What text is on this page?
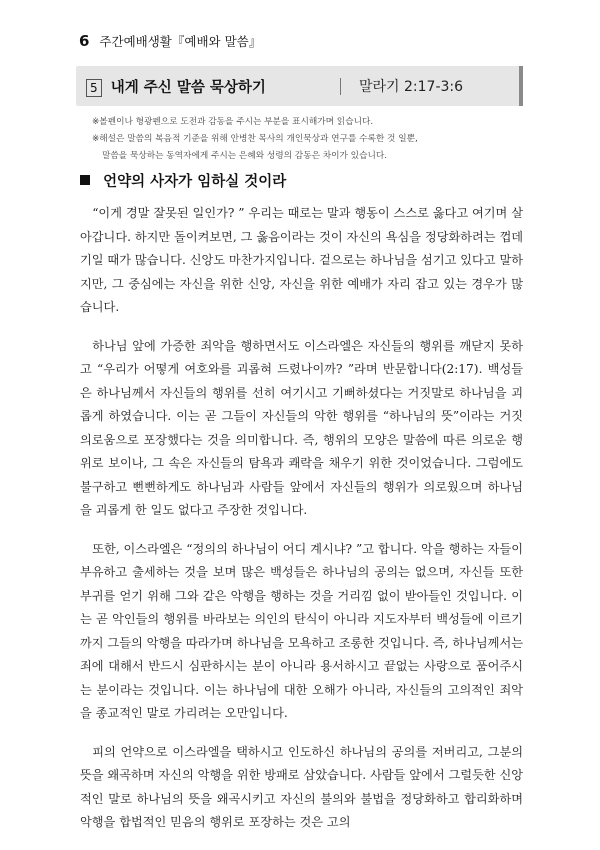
6 주간예배생활『예배와 말씀』
5 내게 주신 말씀 묵상하기	말라기 2:17-3:6

※볼펜이나 형광펜으로 도전과 감동을 주시는 부분을 표시해가며 읽습니다.

※해설은 말씀의 복음적 기준을 위해 안병찬 목사의 개인묵상과 연구를 수록한 것 일뿐,

말씀을 묵상하는 동역자에게 주시는 은혜와 성령의 감동은 차이가 있습니다.

언약의 사자가 임하실 것이라

“이게 경말 잘못된 일인가? ” 우리는 때로는 말과 행동이 스스로 옳다고 여기며 살아갑니다. 하지만 돌이켜보면, 그 옳음이라는 것이 자신의 욕심을 정당화하려는 껍데기일 때가 많습니다. 신앙도 마찬가지입니다. 겉으로는 하나님을 섬기고 있다고 말하지만, 그 중심에는 자신을 위한 신앙, 자신을 위한 예배가 자리 잡고 있는 경우가 많습니다.

하나님 앞에 가증한 죄악을 행하면서도 이스라엘은 자신들의 행위를 깨닫지 못하고 “우리가 어떻게 여호와를 괴롭혀 드렸나이까? ”라며 반문합니다(2:17). 백성들은 하나님께서 자신들의 행위를 선히 여기시고 기뻐하셨다는 거짓말로 하나님을 괴롭게 하였습니다. 이는 곧 그들이 자신들의 악한 행위를 “하나님의 뜻”이라는 거짓 의로움으로 포장했다는 것을 의미합니다. 즉, 행위의 모양은 말씀에 따른 의로운 행위로 보이나, 그 속은 자신들의 탐욕과 쾌락을 채우기 위한 것이었습니다. 그럼에도 불구하고 뻔뻔하게도 하나님과 사람들 앞에서 자신들의 행위가 의로웠으며 하나님을 괴롭게 한 일도 없다고 주장한 것입니다.

또한, 이스라엘은 “정의의 하나님이 어디 계시냐? ”고 합니다. 악을 행하는 자들이 부유하고 출세하는 것을 보며 많은 백성들은 하나님의 공의는 없으며, 자신들 또한 부귀를 얻기 위해 그와 같은 악행을 행하는 것을 거리낌 없이 받아들인 것입니다. 이는 곧 악인들의 행위를 바라보는 의인의 탄식이 아니라 지도자부터 백성들에 이르기까지 그들의 악행을 따라가며 하나님을 모욕하고 조롱한 것입니다. 즉, 하나님께서는 죄에 대해서 반드시 심판하시는 분이 아니라 용서하시고 끝없는 사랑으로 품어주시는 분이라는 것입니다. 이는 하나님에 대한 오해가 아니라, 자신들의 고의적인 죄악을 종교적인 말로 가리려는 오만입니다.

피의 언약으로 이스라엘을 택하시고 인도하신 하나님의 공의를 저버리고, 그분의 뜻을 왜곡하며 자신의 악행을 위한 방패로 삼았습니다. 사람들 앞에서 그럴듯한 신앙적인 말로 하나님의 뜻을 왜곡시키고 자신의 불의와 불법을 정당화하고 합리화하며 악행을 합법적인 믿음의 행위로 포장하는 것은 고의
